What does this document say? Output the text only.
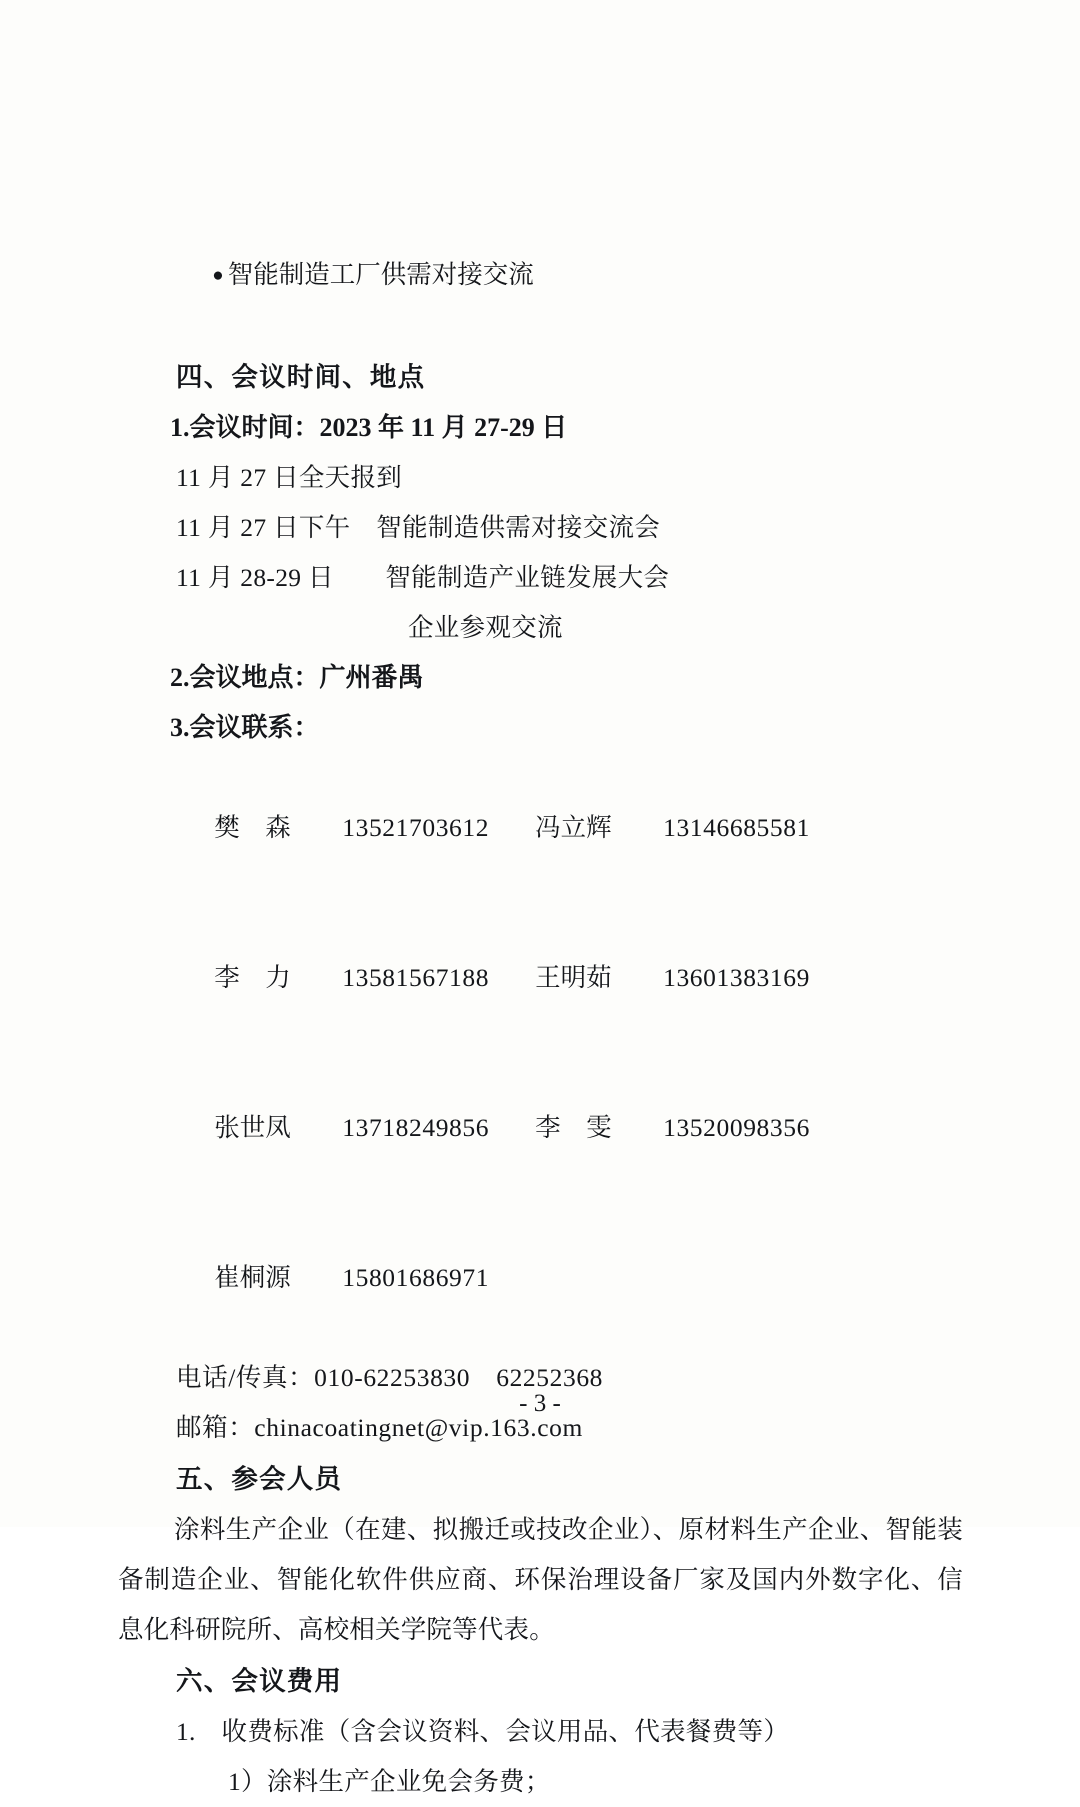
● 智能制造工厂供需对接交流

四、会议时间、地点
1.会议时间：2023 年 11 月 27-29 日
11 月 27 日全天报到
11 月 27 日下午　智能制造供需对接交流会
11 月 28-29 日　　智能制造产业链发展大会
企业参观交流
2.会议地点：广州番禺
3.会议联系：

樊　森 13521703612 冯立辉 13146685581

李　力 13581567188 王明茹 13601383169

张世凤 13718249856 李　雯 13520098356

崔桐源 15801686971

电话/传真：010-62253830　62252368
邮箱：chinacoatingnet@vip.163.com
五、参会人员
涂料生产企业（在建、拟搬迁或技改企业）、原材料生产企业、智能装备制造企业、智能化软件供应商、环保治理设备厂家及国内外数字化、信息化科研院所、高校相关学院等代表。
六、会议费用
1.　收费标准（含会议资料、会议用品、代表餐费等）
1）涂料生产企业免会务费；
- 3 -
